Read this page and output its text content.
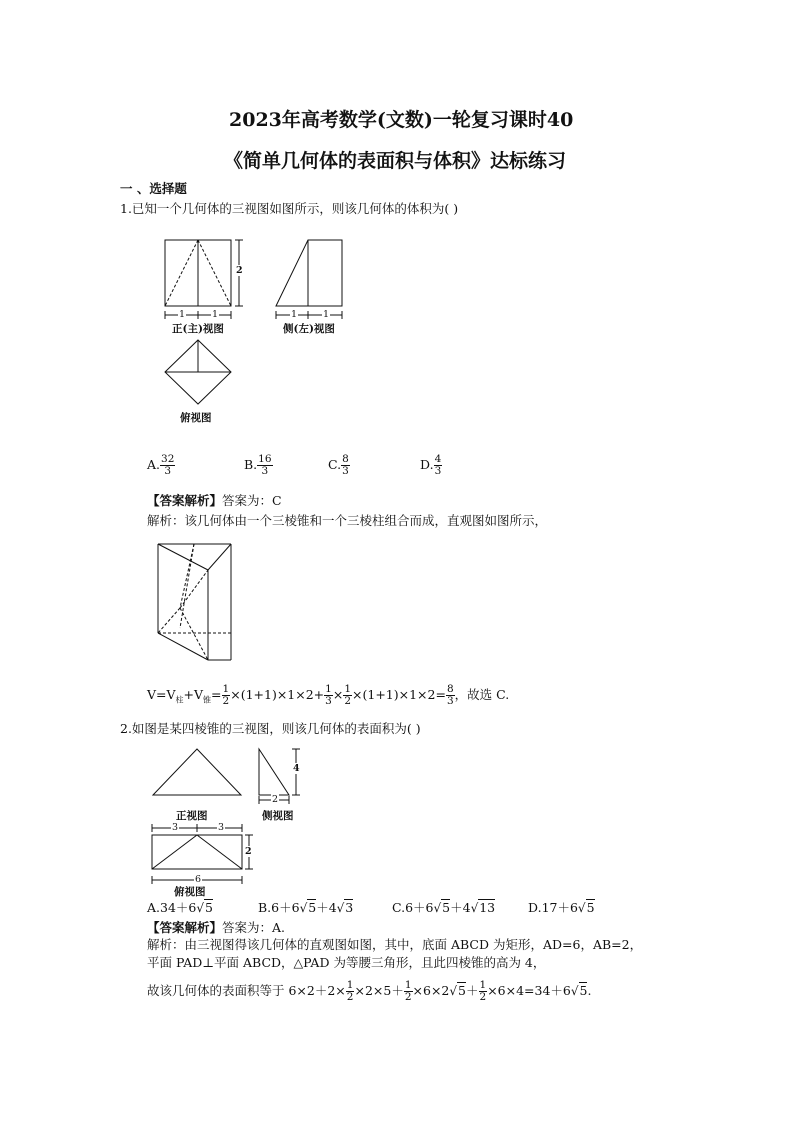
2023年高考数学(文数)一轮复习课时40
《简单几何体的表面积与体积》达标练习
一 、选择题
1.已知一个几何体的三视图如图所示，则该几何体的体积为( )
2
1	1
正(主)视图
1	1
侧(左)视图
俯视图
A. $\frac{32}{3}$	B. $\frac{16}{3}$	C. $\frac{8}{3}$	D. $\frac{4}{3}$
【答案解析】答案为：C
解析：该几何体由一个三棱锥和一个三棱柱组合而成，直观图如图所示，
$V=V_柱+V_锥= \frac{1}{2} \times(1+1)\times 1\times 2+ \frac{1}{3} \times \frac{1}{2} \times(1+1)\times 1\times 2= \frac{8}{3}$ ，故选 C.
2.如图是某四棱锥的三视图，则该几何体的表面积为( )
正视图
4
2
侧视图
3	3
2
6
俯视图
A.34＋6√5	B.6＋6√5＋4√3	C.6＋6√5＋4√13	D.17＋6√5
【答案解析】答案为：A.
解析：由三视图得该几何体的直观图如图，其中，底面 ABCD 为矩形，AD=6，AB=2，
平面 PAD⊥平面 ABCD，△PAD 为等腰三角形，且此四棱锥的高为 4，
故该几何体的表面积等于 $6\times 2+2\times \frac{1}{2} \times 2\times 5+ \frac{1}{2} \times 6\times 2√5+ \frac{1}{2} \times 6\times 4=34+6√5$.
